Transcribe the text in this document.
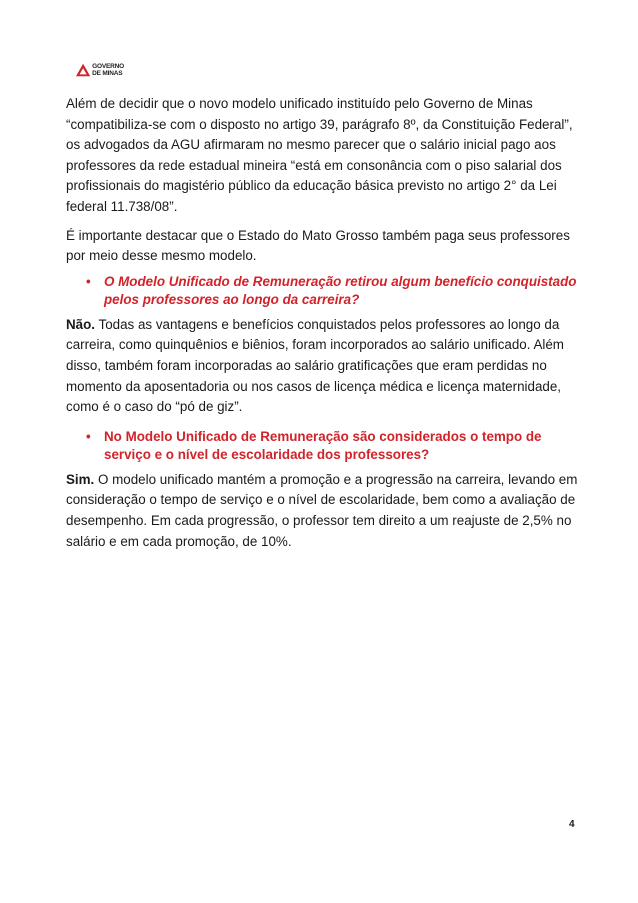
GOVERNO
DE MINAS

Além de decidir que o novo modelo unificado instituído pelo Governo de Minas “compatibiliza-se com o disposto no artigo 39, parágrafo 8º, da Constituição Federal”, os advogados da AGU afirmaram no mesmo parecer que o salário inicial pago aos professores da rede estadual mineira “está em consonância com o piso salarial dos profissionais do magistério público da educação básica previsto no artigo 2° da Lei federal 11.738/08”.

É importante destacar que o Estado do Mato Grosso também paga seus professores por meio desse mesmo modelo.

• O Modelo Unificado de Remuneração retirou algum benefício conquistado pelos professores ao longo da carreira?

Não. Todas as vantagens e benefícios conquistados pelos professores ao longo da carreira, como quinquênios e biênios, foram incorporados ao salário unificado. Além disso, também foram incorporadas ao salário gratificações que eram perdidas no momento da aposentadoria ou nos casos de licença médica e licença maternidade, como é o caso do “pó de giz”.

• No Modelo Unificado de Remuneração são considerados o tempo de serviço e o nível de escolaridade dos professores?

Sim. O modelo unificado mantém a promoção e a progressão na carreira, levando em consideração o tempo de serviço e o nível de escolaridade, bem como a avaliação de desempenho. Em cada progressão, o professor tem direito a um reajuste de 2,5% no salário e em cada promoção, de 10%.

4
